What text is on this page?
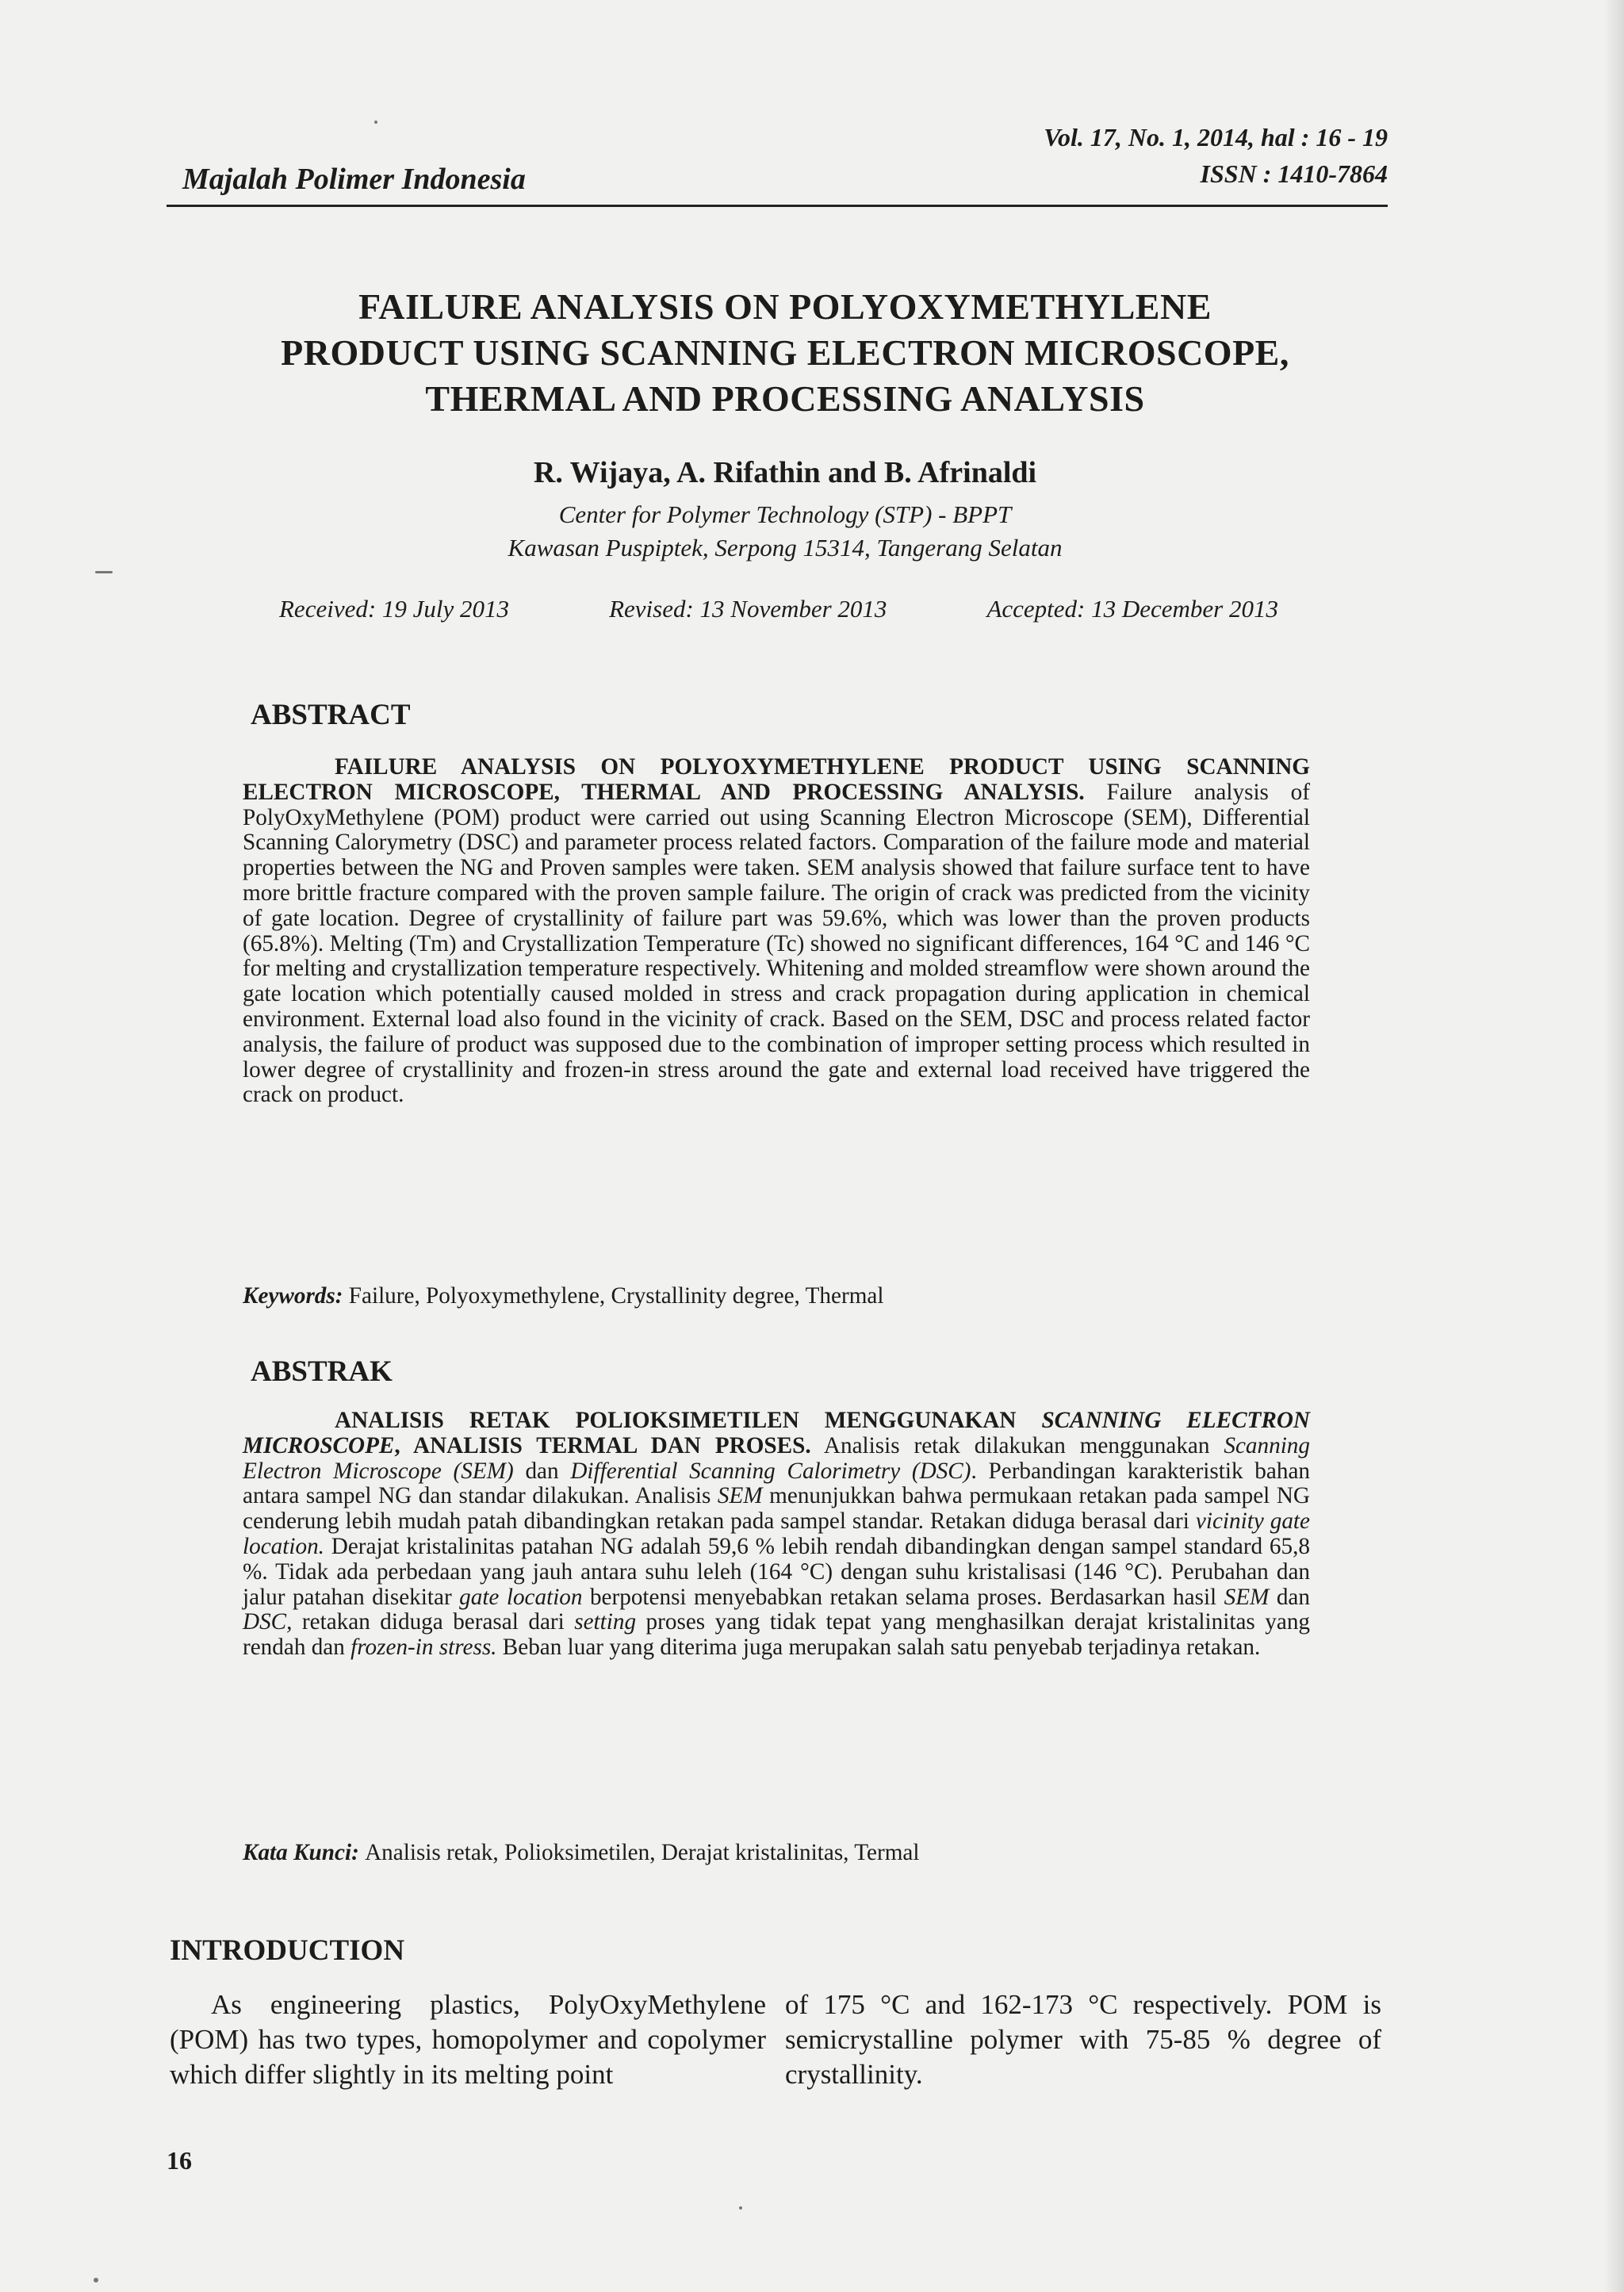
Majalah Polimer Indonesia
Vol. 17, No. 1, 2014, hal : 16 - 19
ISSN : 1410-7864
FAILURE ANALYSIS ON POLYOXYMETHYLENE
PRODUCT USING SCANNING ELECTRON MICROSCOPE,
THERMAL AND PROCESSING ANALYSIS
R. Wijaya, A. Rifathin and B. Afrinaldi
Center for Polymer Technology (STP) - BPPT
Kawasan Puspiptek, Serpong 15314, Tangerang Selatan
Received: 19 July 2013	Revised: 13 November 2013	Accepted: 13 December 2013
ABSTRACT
FAILURE ANALYSIS ON POLYOXYMETHYLENE PRODUCT USING SCANNING ELECTRON MICROSCOPE, THERMAL AND PROCESSING ANALYSIS. Failure analysis of PolyOxyMethylene (POM) product were carried out using Scanning Electron Microscope (SEM), Differential Scanning Calorymetry (DSC) and parameter process related factors. Comparation of the failure mode and material properties between the NG and Proven samples were taken. SEM analysis showed that failure surface tent to have more brittle fracture compared with the proven sample failure. The origin of crack was predicted from the vicinity of gate location. Degree of crystallinity of failure part was 59.6%, which was lower than the proven products (65.8%). Melting (Tm) and Crystallization Temperature (Tc) showed no significant differences, 164 °C and 146 °C for melting and crystallization temperature respectively. Whitening and molded streamflow were shown around the gate location which potentially caused molded in stress and crack propagation during application in chemical environment. External load also found in the vicinity of crack. Based on the SEM, DSC and process related factor analysis, the failure of product was supposed due to the combination of improper setting process which resulted in lower degree of crystallinity and frozen-in stress around the gate and external load received have triggered the crack on product.
Keywords: Failure, Polyoxymethylene, Crystallinity degree, Thermal
ABSTRAK
ANALISIS RETAK POLIOKSIMETILEN MENGGUNAKAN SCANNING ELECTRON MICROSCOPE, ANALISIS TERMAL DAN PROSES. Analisis retak dilakukan menggunakan Scanning Electron Microscope (SEM) dan Differential Scanning Calorimetry (DSC). Perbandingan karakteristik bahan antara sampel NG dan standar dilakukan. Analisis SEM menunjukkan bahwa permukaan retakan pada sampel NG cenderung lebih mudah patah dibandingkan retakan pada sampel standar. Retakan diduga berasal dari vicinity gate location. Derajat kristalinitas patahan NG adalah 59,6 % lebih rendah dibandingkan dengan sampel standard 65,8 %. Tidak ada perbedaan yang jauh antara suhu leleh (164 °C) dengan suhu kristalisasi (146 °C). Perubahan dan jalur patahan disekitar gate location berpotensi menyebabkan retakan selama proses. Berdasarkan hasil SEM dan DSC, retakan diduga berasal dari setting proses yang tidak tepat yang menghasilkan derajat kristalinitas yang rendah dan frozen-in stress. Beban luar yang diterima juga merupakan salah satu penyebab terjadinya retakan.
Kata Kunci: Analisis retak, Polioksimetilen, Derajat kristalinitas, Termal
INTRODUCTION
As engineering plastics, PolyOxyMethylene (POM) has two types, homopolymer and copolymer which differ slightly in its melting point
of 175 °C and 162-173 °C respectively. POM is semicrystalline polymer with 75-85 % degree of crystallinity.
16
